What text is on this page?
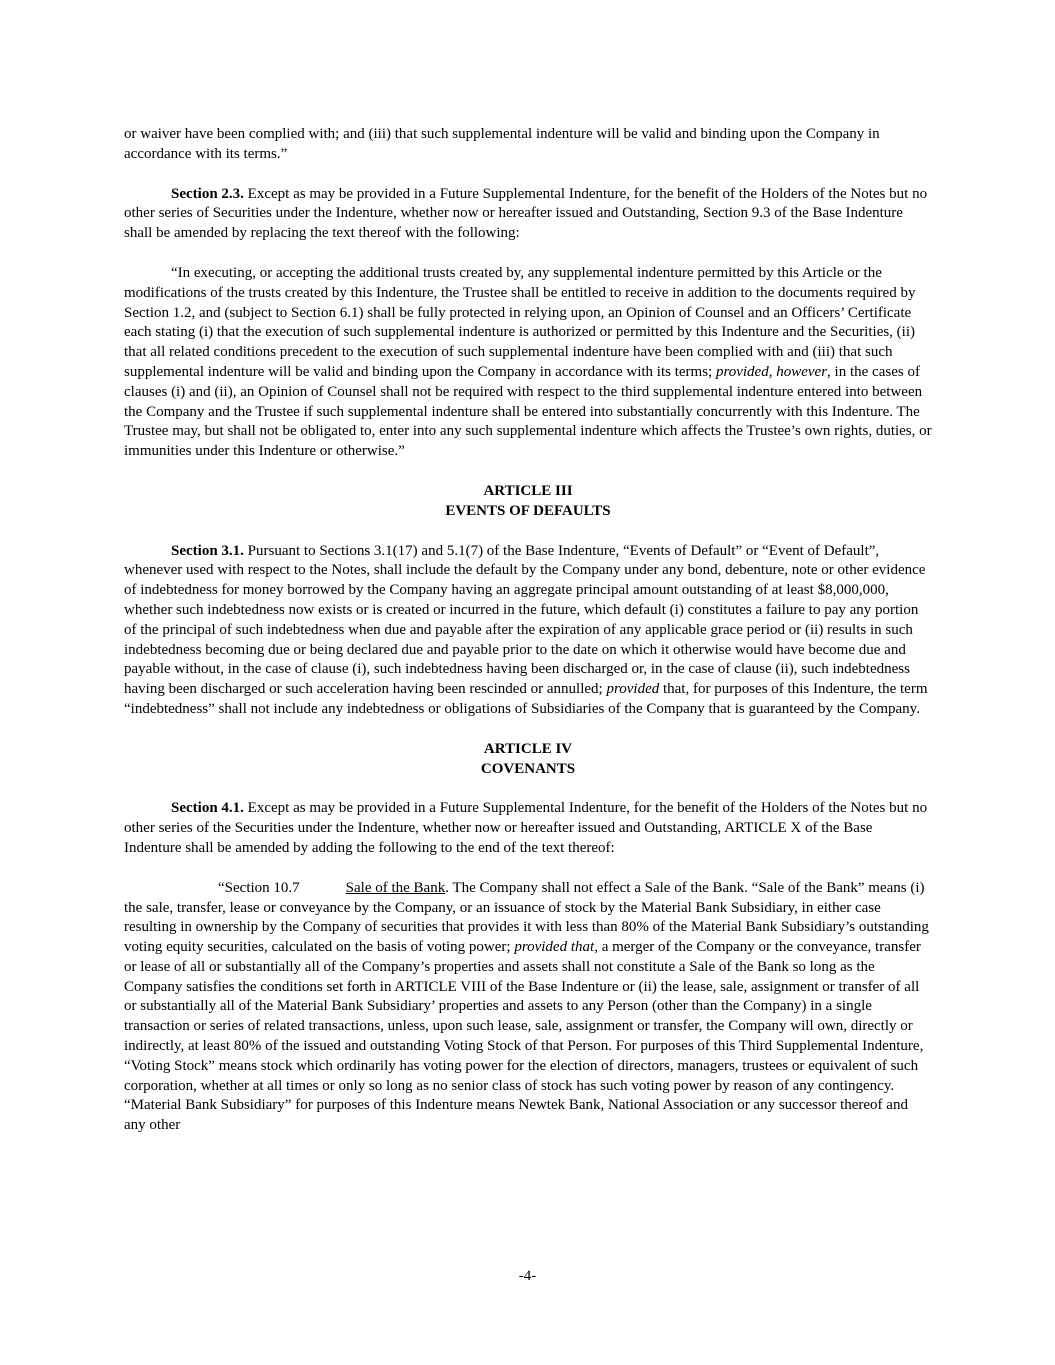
or waiver have been complied with; and (iii) that such supplemental indenture will be valid and binding upon the Company in accordance with its terms.”

Section 2.3. Except as may be provided in a Future Supplemental Indenture, for the benefit of the Holders of the Notes but no other series of Securities under the Indenture, whether now or hereafter issued and Outstanding, Section 9.3 of the Base Indenture shall be amended by replacing the text thereof with the following:

“In executing, or accepting the additional trusts created by, any supplemental indenture permitted by this Article or the modifications of the trusts created by this Indenture, the Trustee shall be entitled to receive in addition to the documents required by Section 1.2, and (subject to Section 6.1) shall be fully protected in relying upon, an Opinion of Counsel and an Officers’ Certificate each stating (i) that the execution of such supplemental indenture is authorized or permitted by this Indenture and the Securities, (ii) that all related conditions precedent to the execution of such supplemental indenture have been complied with and (iii) that such supplemental indenture will be valid and binding upon the Company in accordance with its terms; provided, however, in the cases of clauses (i) and (ii), an Opinion of Counsel shall not be required with respect to the third supplemental indenture entered into between the Company and the Trustee if such supplemental indenture shall be entered into substantially concurrently with this Indenture. The Trustee may, but shall not be obligated to, enter into any such supplemental indenture which affects the Trustee’s own rights, duties, or immunities under this Indenture or otherwise.”

ARTICLE III
EVENTS OF DEFAULTS

Section 3.1. Pursuant to Sections 3.1(17) and 5.1(7) of the Base Indenture, “Events of Default” or “Event of Default”, whenever used with respect to the Notes, shall include the default by the Company under any bond, debenture, note or other evidence of indebtedness for money borrowed by the Company having an aggregate principal amount outstanding of at least $8,000,000, whether such indebtedness now exists or is created or incurred in the future, which default (i) constitutes a failure to pay any portion of the principal of such indebtedness when due and payable after the expiration of any applicable grace period or (ii) results in such indebtedness becoming due or being declared due and payable prior to the date on which it otherwise would have become due and payable without, in the case of clause (i), such indebtedness having been discharged or, in the case of clause (ii), such indebtedness having been discharged or such acceleration having been rescinded or annulled; provided that, for purposes of this Indenture, the term “indebtedness” shall not include any indebtedness or obligations of Subsidiaries of the Company that is guaranteed by the Company.

ARTICLE IV
COVENANTS

Section 4.1. Except as may be provided in a Future Supplemental Indenture, for the benefit of the Holders of the Notes but no other series of the Securities under the Indenture, whether now or hereafter issued and Outstanding, ARTICLE X of the Base Indenture shall be amended by adding the following to the end of the text thereof:

“Section 10.7	Sale of the Bank. The Company shall not effect a Sale of the Bank. “Sale of the Bank” means (i) the sale, transfer, lease or conveyance by the Company, or an issuance of stock by the Material Bank Subsidiary, in either case resulting in ownership by the Company of securities that provides it with less than 80% of the Material Bank Subsidiary’s outstanding voting equity securities, calculated on the basis of voting power; provided that, a merger of the Company or the conveyance, transfer or lease of all or substantially all of the Company’s properties and assets shall not constitute a Sale of the Bank so long as the Company satisfies the conditions set forth in ARTICLE VIII of the Base Indenture or (ii) the lease, sale, assignment or transfer of all or substantially all of the Material Bank Subsidiary’ properties and assets to any Person (other than the Company) in a single transaction or series of related transactions, unless, upon such lease, sale, assignment or transfer, the Company will own, directly or indirectly, at least 80% of the issued and outstanding Voting Stock of that Person. For purposes of this Third Supplemental Indenture, “Voting Stock” means stock which ordinarily has voting power for the election of directors, managers, trustees or equivalent of such corporation, whether at all times or only so long as no senior class of stock has such voting power by reason of any contingency. “Material Bank Subsidiary” for purposes of this Indenture means Newtek Bank, National Association or any successor thereof and any other

-4-
